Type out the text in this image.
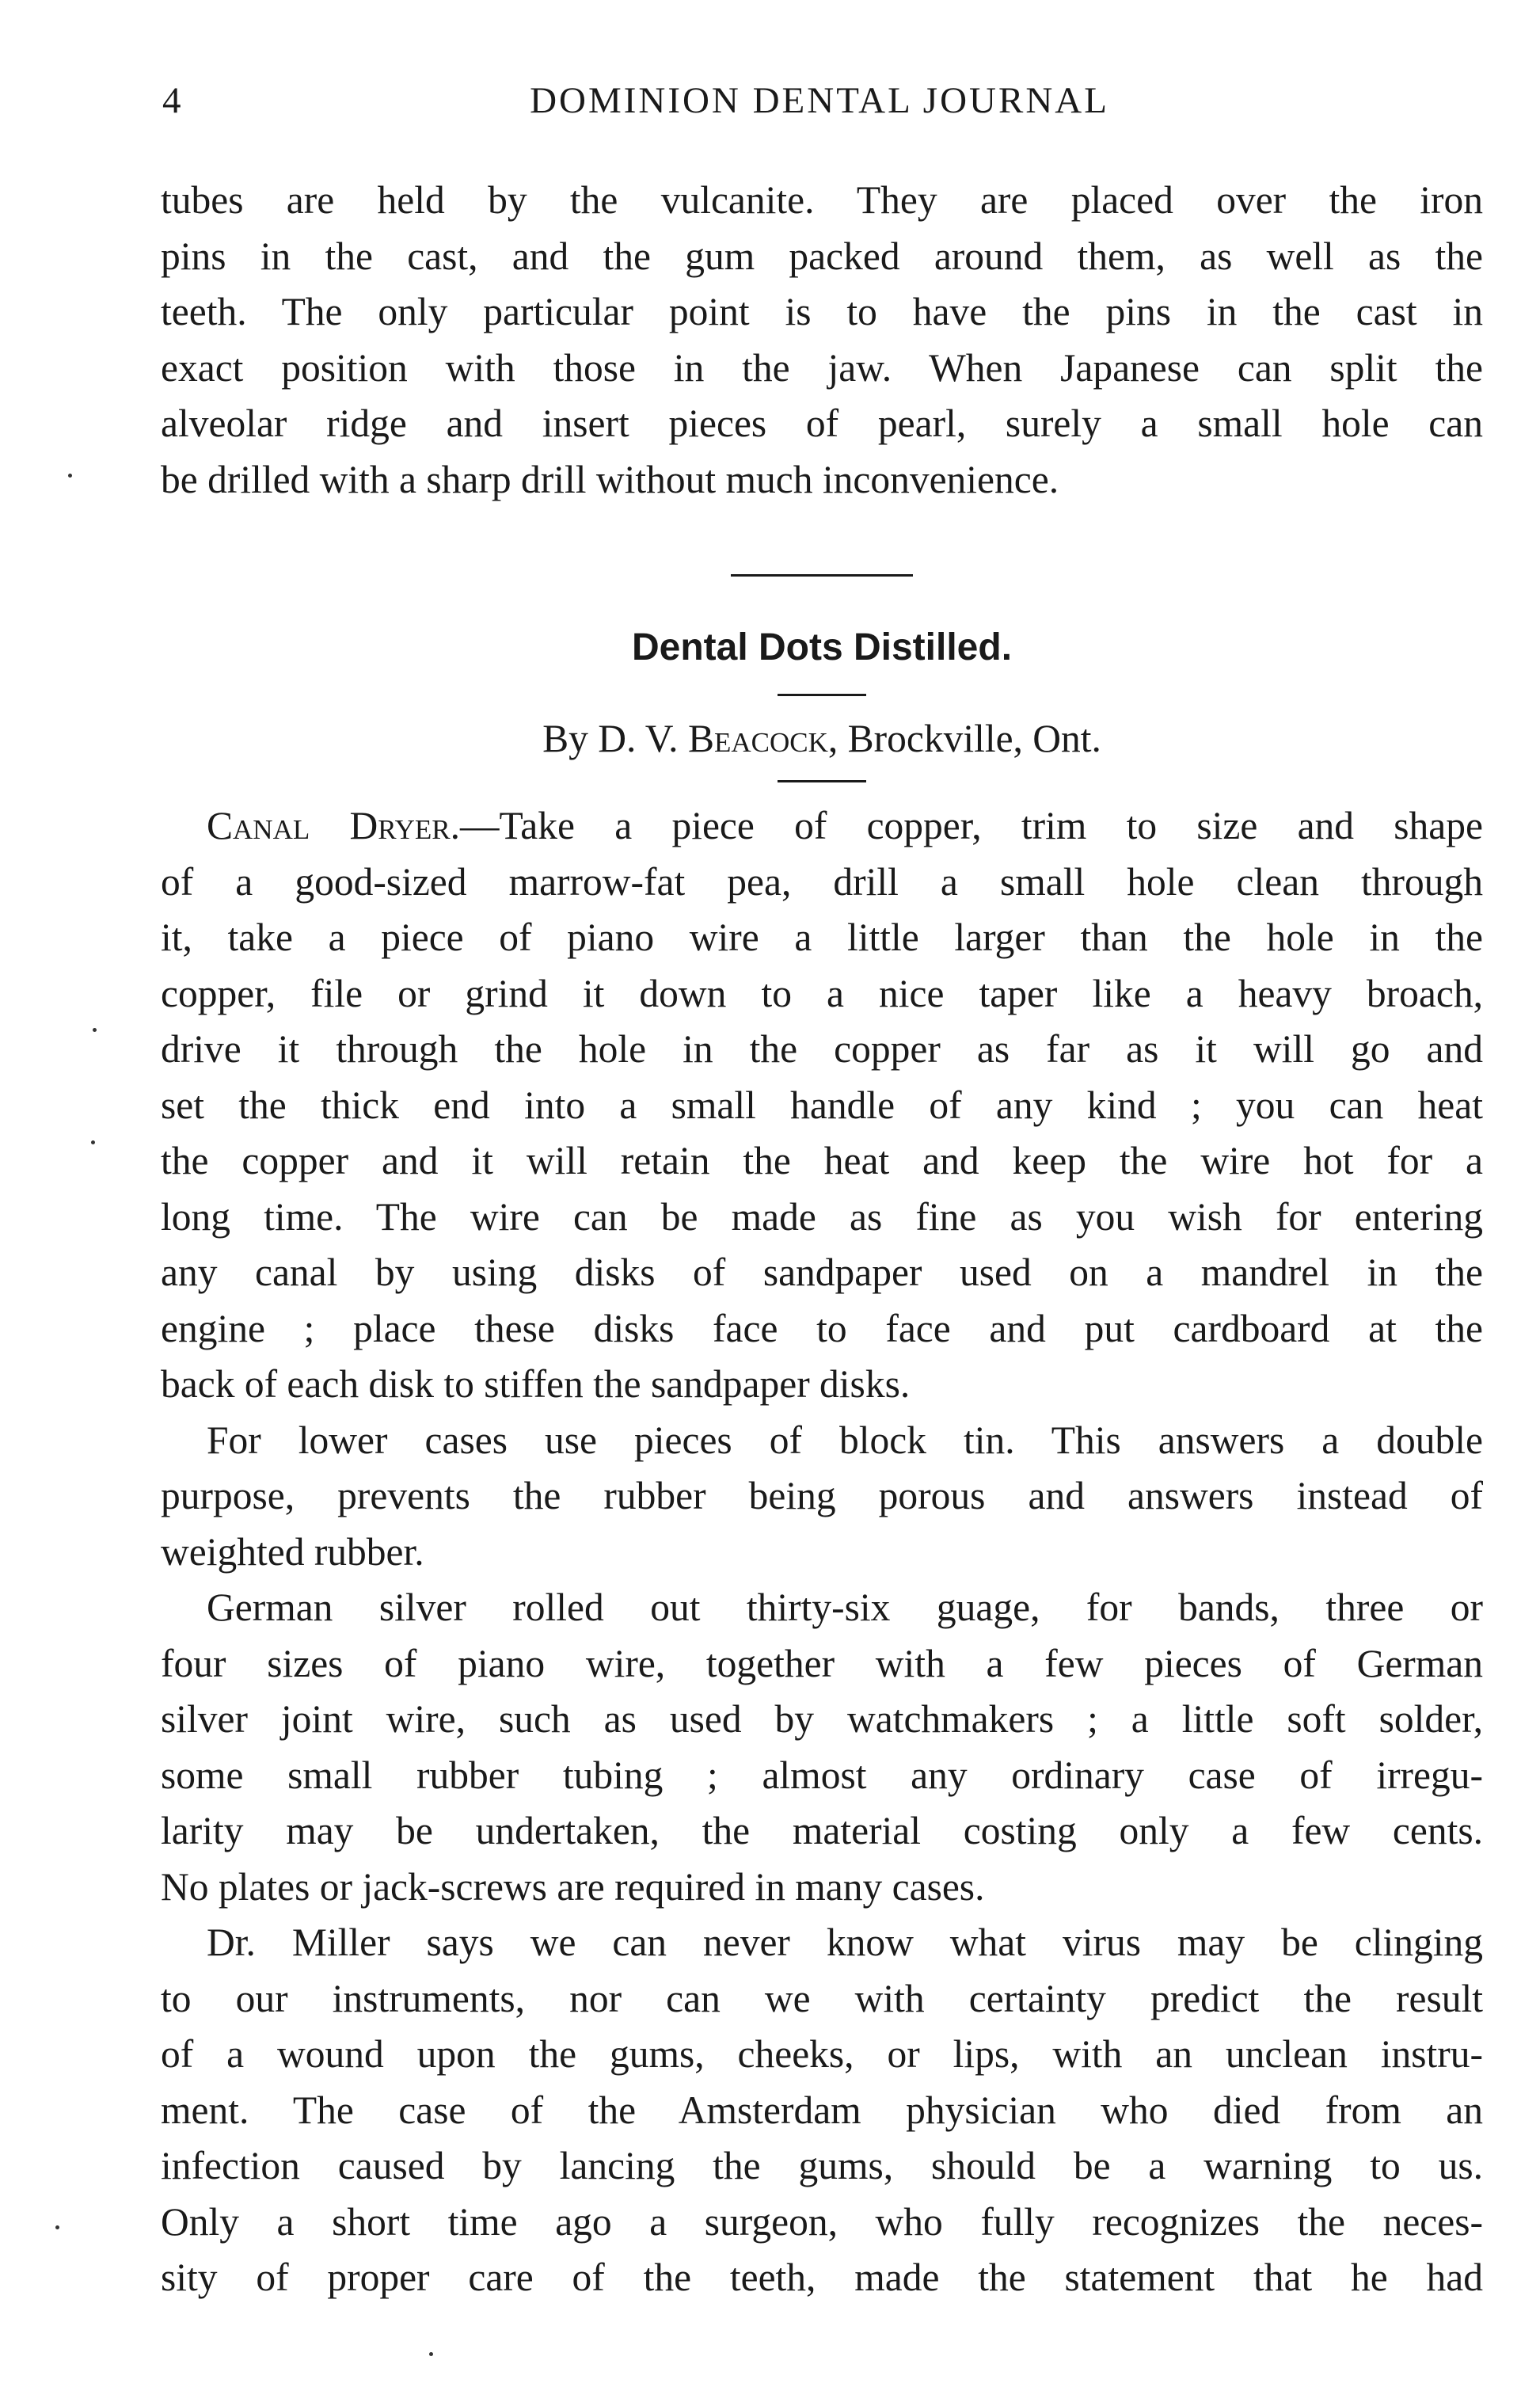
4	DOMINION DENTAL JOURNAL
tubes are held by the vulcanite. They are placed over the iron
pins in the cast, and the gum packed around them, as well as the
teeth. The only particular point is to have the pins in the cast in
exact position with those in the jaw. When Japanese can split the
alveolar ridge and insert pieces of pearl, surely a small hole can
be drilled with a sharp drill without much inconvenience.
Dental Dots Distilled.
By D. V. Beacock, Brockville, Ont.
Canal Dryer.—Take a piece of copper, trim to size and shape
of a good-sized marrow-fat pea, drill a small hole clean through
it, take a piece of piano wire a little larger than the hole in the
copper, file or grind it down to a nice taper like a heavy broach,
drive it through the hole in the copper as far as it will go and
set the thick end into a small handle of any kind ; you can heat
the copper and it will retain the heat and keep the wire hot for a
long time. The wire can be made as fine as you wish for entering
any canal by using disks of sandpaper used on a mandrel in the
engine ; place these disks face to face and put cardboard at the
back of each disk to stiffen the sandpaper disks.
For lower cases use pieces of block tin. This answers a double
purpose, prevents the rubber being porous and answers instead of
weighted rubber.
German silver rolled out thirty-six guage, for bands, three or
four sizes of piano wire, together with a few pieces of German
silver joint wire, such as used by watchmakers ; a little soft solder,
some small rubber tubing ; almost any ordinary case of irregu-
larity may be undertaken, the material costing only a few cents.
No plates or jack-screws are required in many cases.
Dr. Miller says we can never know what virus may be clinging
to our instruments, nor can we with certainty predict the result
of a wound upon the gums, cheeks, or lips, with an unclean instru-
ment. The case of the Amsterdam physician who died from an
infection caused by lancing the gums, should be a warning to us.
Only a short time ago a surgeon, who fully recognizes the neces-
sity of proper care of the teeth, made the statement that he had
